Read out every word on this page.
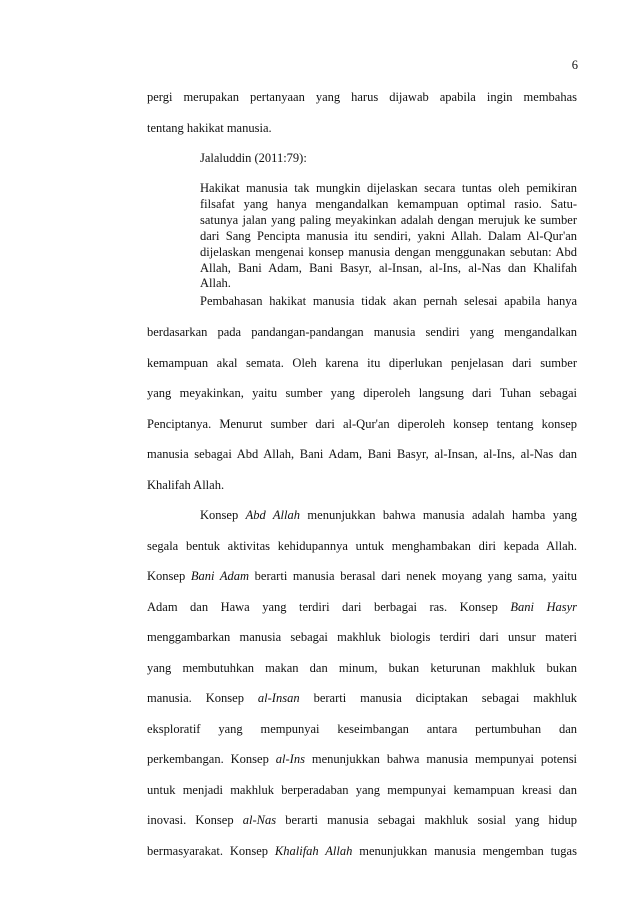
6
pergi merupakan pertanyaan yang harus dijawab apabila ingin membahas
tentang hakikat manusia.
Jalaluddin (2011:79):
Hakikat manusia tak mungkin dijelaskan secara tuntas oleh pemikiran
filsafat yang hanya mengandalkan kemampuan optimal rasio. Satu-
satunya jalan yang paling meyakinkan adalah dengan merujuk ke sumber
dari Sang Pencipta manusia itu sendiri, yakni Allah. Dalam Al-Qur'an
dijelaskan mengenai konsep manusia dengan menggunakan sebutan: Abd
Allah, Bani Adam, Bani Basyr, al-Insan, al-Ins, al-Nas dan Khalifah
Allah.
Pembahasan hakikat manusia tidak akan pernah selesai apabila hanya
berdasarkan pada pandangan-pandangan manusia sendiri yang mengandalkan
kemampuan akal semata. Oleh karena itu diperlukan penjelasan dari sumber
yang meyakinkan, yaitu sumber yang diperoleh langsung dari Tuhan sebagai
Penciptanya. Menurut sumber dari al-Qur'an diperoleh konsep tentang konsep
manusia sebagai Abd Allah, Bani Adam, Bani Basyr, al-Insan, al-Ins, al-Nas dan
Khalifah Allah.
Konsep Abd Allah menunjukkan bahwa manusia adalah hamba yang
segala bentuk aktivitas kehidupannya untuk menghambakan diri kepada Allah.
Konsep Bani Adam berarti manusia berasal dari nenek moyang yang sama, yaitu
Adam dan Hawa yang terdiri dari berbagai ras. Konsep Bani Hasyr
menggambarkan manusia sebagai makhluk biologis terdiri dari unsur materi
yang membutuhkan makan dan minum, bukan keturunan makhluk bukan
manusia. Konsep al-Insan berarti manusia diciptakan sebagai makhluk
eksploratif yang mempunyai keseimbangan antara pertumbuhan dan
perkembangan. Konsep al-Ins menunjukkan bahwa manusia mempunyai potensi
untuk menjadi makhluk berperadaban yang mempunyai kemampuan kreasi dan
inovasi. Konsep al-Nas berarti manusia sebagai makhluk sosial yang hidup
bermasyarakat. Konsep Khalifah Allah menunjukkan manusia mengemban tugas
